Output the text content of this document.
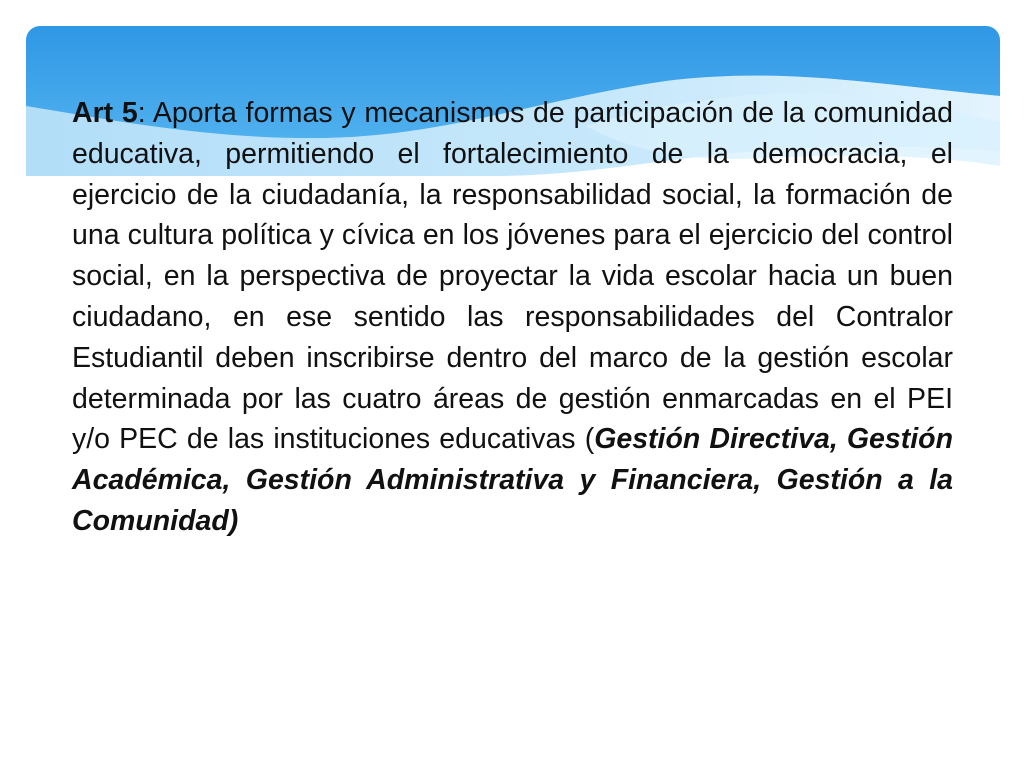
Art 5: Aporta formas y mecanismos de participación de la comunidad educativa, permitiendo el fortalecimiento de la democracia, el ejercicio de la ciudadanía, la responsabilidad social, la formación de una cultura política y cívica en los jóvenes para el ejercicio del control social, en la perspectiva de proyectar la vida escolar hacia un buen ciudadano, en ese sentido las responsabilidades del Contralor Estudiantil deben inscribirse dentro del marco de la gestión escolar determinada por las cuatro áreas de gestión enmarcadas en el PEI y/o PEC de las instituciones educativas (Gestión Directiva, Gestión Académica, Gestión Administrativa y Financiera, Gestión a la Comunidad)
